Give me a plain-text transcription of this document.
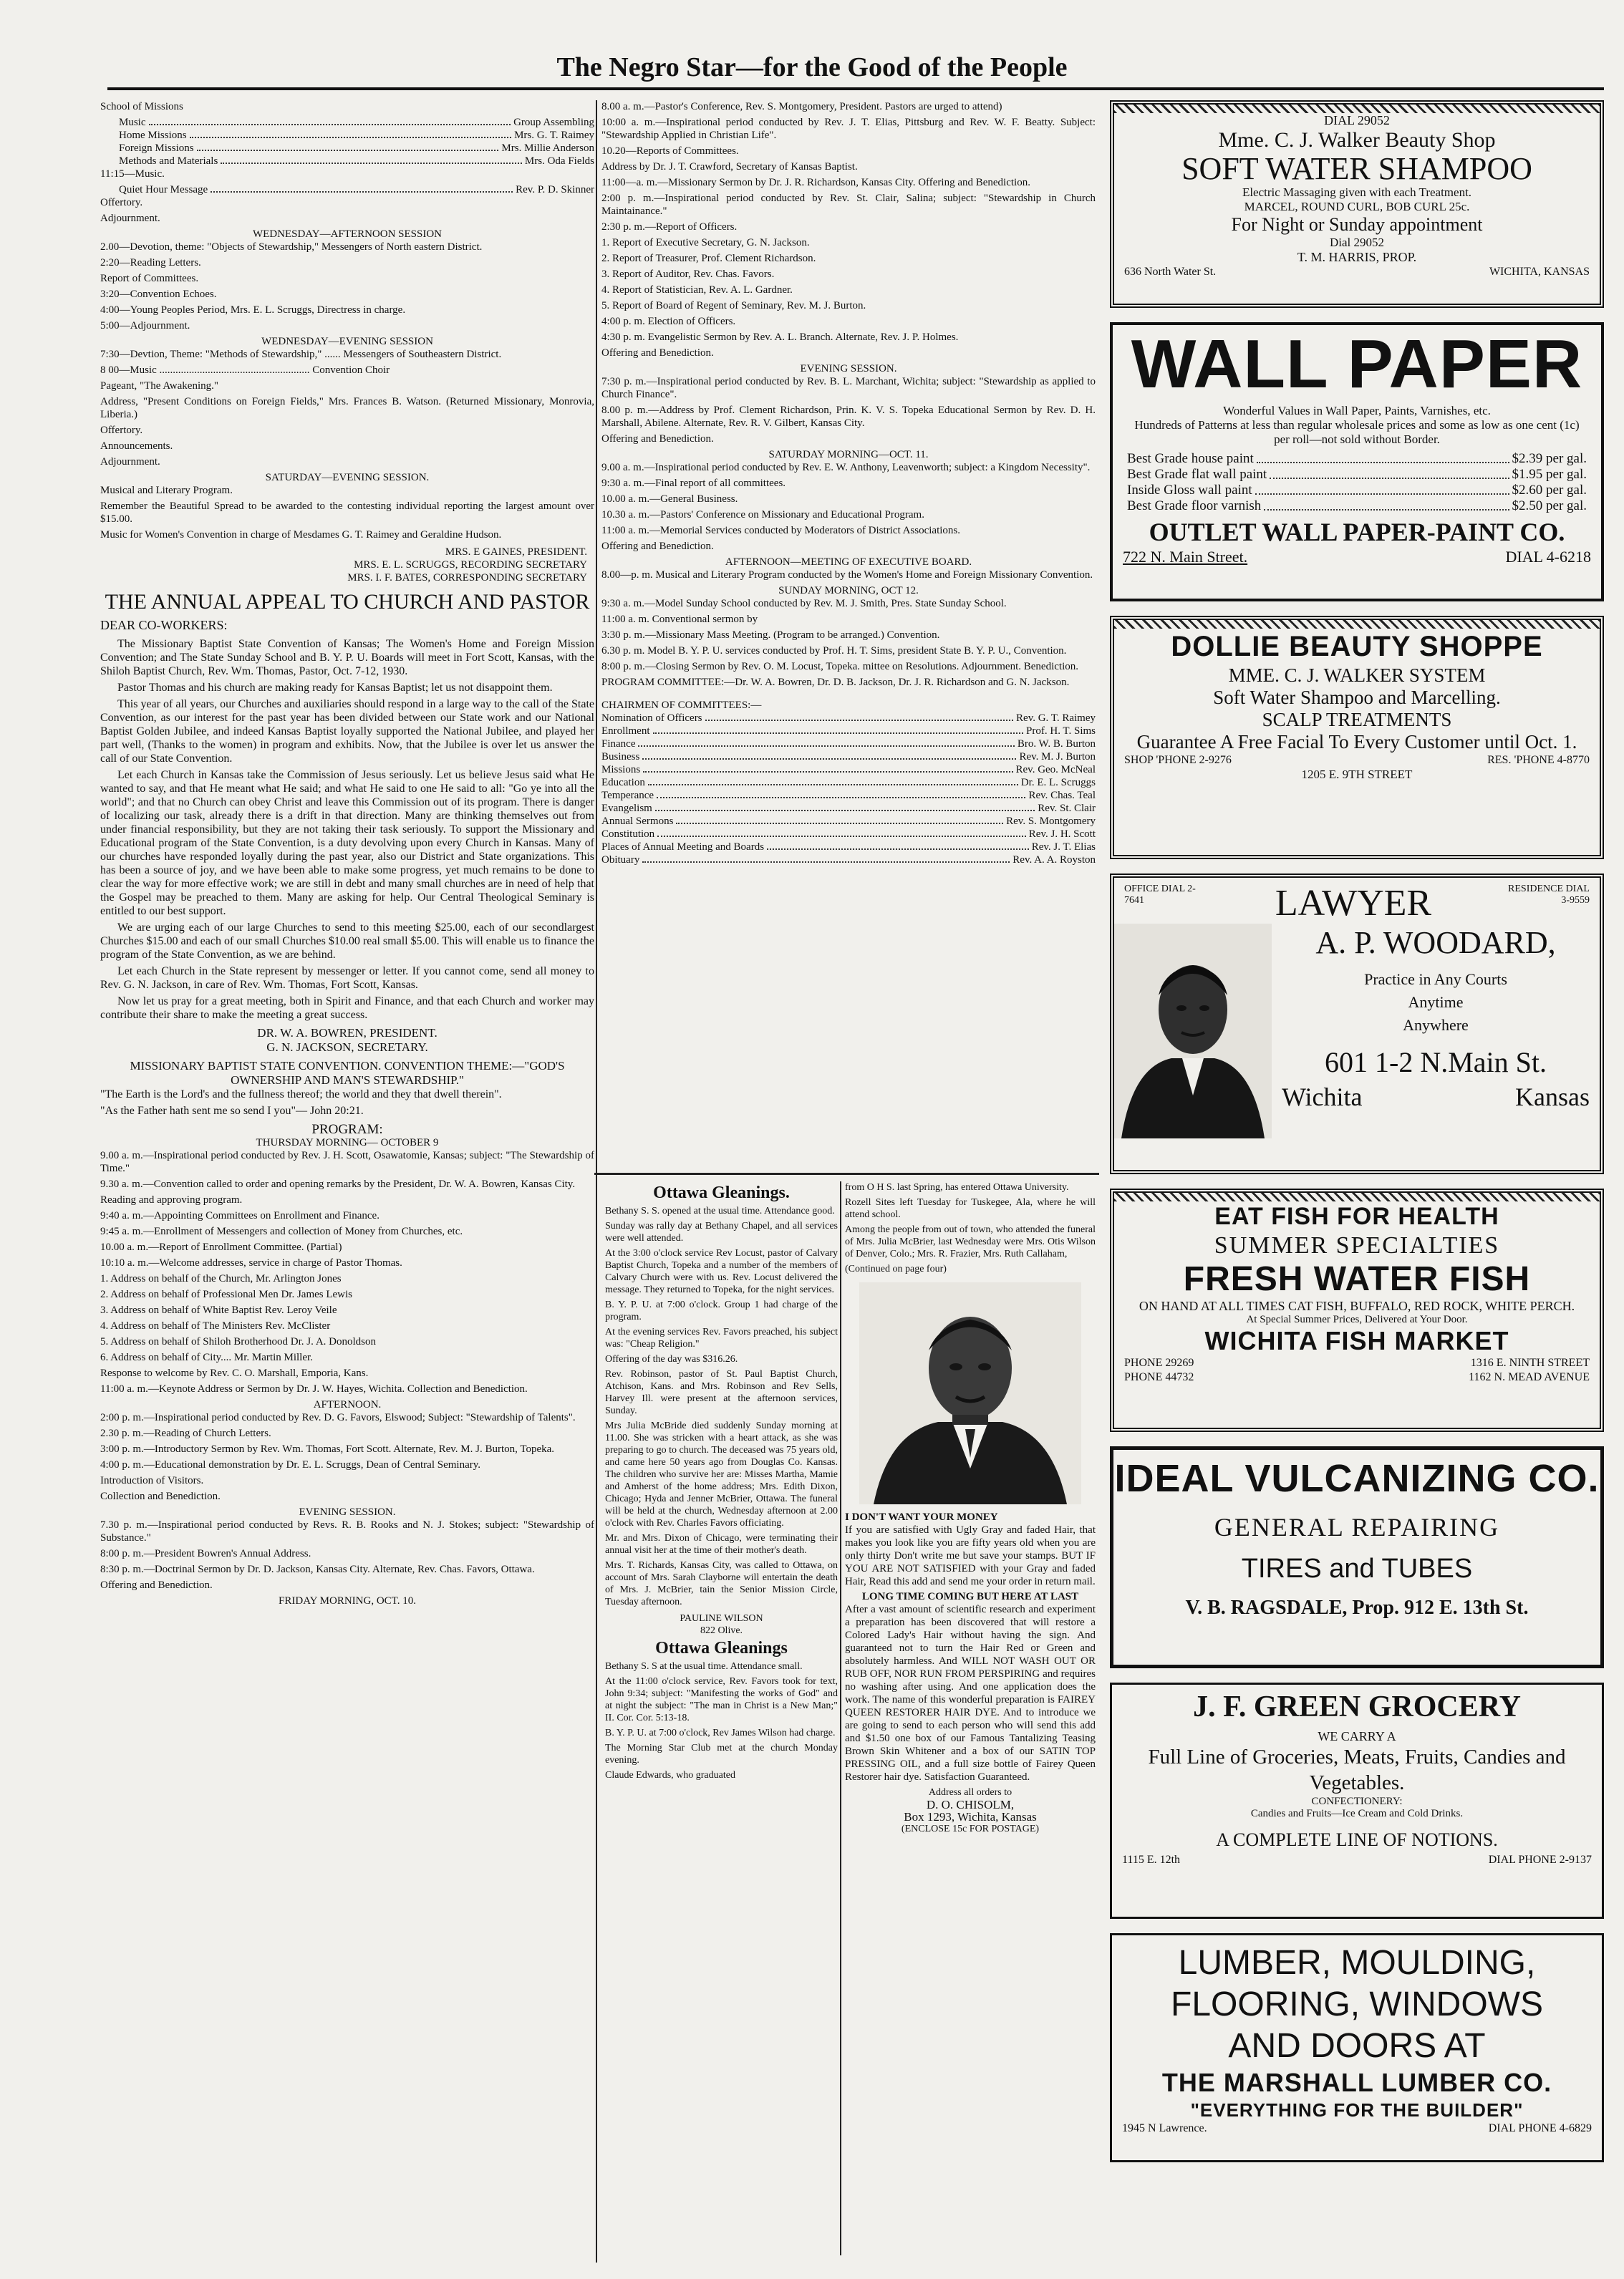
The Negro Star—for the Good of the People
School of Missions
Music	Group Assembling
Home Missions	Mrs. G. T. Raimey
Foreign Missions	Mrs. Millie Anderson
Methods and Materials	Mrs. Oda Fields
11:15—Music.
Quiet Hour Message	Rev. P. D. Skinner
Offertory.
Adjournment.
WEDNESDAY—AFTERNOON SESSION
2.00—Devotion, theme: "Objects of Stewardship," Messengers of North eastern District.
2:20—Reading Letters.
Report of Committees.
3:20—Convention Echoes.
4:00—Young Peoples Period, Mrs. E. L. Scruggs, Directress in charge.
5:00—Adjournment.
WEDNESDAY—EVENING SESSION
7:30—Devtion, Theme: "Methods of Stewardship," ...... Messengers of Southeastern District.
8 00—Music ........................................................ Convention Choir
Pageant, "The Awakening."
Address, "Present Conditions on Foreign Fields," Mrs. Frances B. Watson. (Returned Missionary, Monrovia, Liberia.)
Offertory.
Announcements.
Adjournment.
SATURDAY—EVENING SESSION.
Musical and Literary Program.
Remember the Beautiful Spread to be awarded to the contesting individual reporting the largest amount over $15.00.
Music for Women's Convention in charge of Mesdames G. T. Raimey and Geraldine Hudson.
MRS. E GAINES, PRESIDENT.
MRS. E. L. SCRUGGS, RECORDING SECRETARY
MRS. I. F. BATES, CORRESPONDING SECRETARY
THE ANNUAL APPEAL TO CHURCH AND PASTOR
DEAR CO-WORKERS:
The Missionary Baptist State Convention of Kansas; The Women's Home and Foreign Mission Convention; and The State Sunday School and B. Y. P. U. Boards will meet in Fort Scott, Kansas, with the Shiloh Baptist Church, Rev. Wm. Thomas, Pastor, Oct. 7-12, 1930.
Pastor Thomas and his church are making ready for Kansas Baptist; let us not disappoint them.
This year of all years, our Churches and auxiliaries should respond in a large way to the call of the State Convention, as our interest for the past year has been divided between our State work and our National Baptist Golden Jubilee, and indeed Kansas Baptist loyally supported the National Jubilee, and played her part well, (Thanks to the women) in program and exhibits. Now, that the Jubilee is over let us answer the call of our State Convention.
Let each Church in Kansas take the Commission of Jesus seriously. Let us believe Jesus said what He wanted to say, and that He meant what He said; and what He said to one He said to all: "Go ye into all the world"; and that no Church can obey Christ and leave this Commission out of its program. There is danger of localizing our task, already there is a drift in that direction. Many are thinking themselves out from under financial responsibility, but they are not taking their task seriously. To support the Missionary and Educational program of the State Convention, is a duty devolving upon every Church in Kansas. Many of our churches have responded loyally during the past year, also our District and State organizations. This has been a source of joy, and we have been able to make some progress, yet much remains to be done to clear the way for more effective work; we are still in debt and many small churches are in need of help that the Gospel may be preached to them. Many are asking for help. Our Central Theological Seminary is entitled to our best support.
We are urging each of our large Churches to send to this meeting $25.00, each of our secondlargest Churches $15.00 and each of our small Churches $10.00 real small $5.00. This will enable us to finance the program of the State Convention, as we are behind.
Let each Church in the State represent by messenger or letter. If you cannot come, send all money to Rev. G. N. Jackson, in care of Rev. Wm. Thomas, Fort Scott, Kansas.
Now let us pray for a great meeting, both in Spirit and Finance, and that each Church and worker may contribute their share to make the meeting a great success.
DR. W. A. BOWREN, PRESIDENT.
G. N. JACKSON, SECRETARY.
MISSIONARY BAPTIST STATE CONVENTION. CONVENTION THEME:—"GOD'S OWNERSHIP AND MAN'S STEWARDSHIP."
"The Earth is the Lord's and the fullness thereof; the world and they that dwell therein".
"As the Father hath sent me so send I you"— John 20:21.
PROGRAM:
THURSDAY MORNING— OCTOBER 9
9.00 a. m.—Inspirational period conducted by Rev. J. H. Scott, Osawatomie, Kansas; subject: "The Stewardship of Time."
9.30 a. m.—Convention called to order and opening remarks by the President, Dr. W. A. Bowren, Kansas City.
Reading and approving program.
9:40 a. m.—Appointing Committees on Enrollment and Finance.
9:45 a. m.—Enrollment of Messengers and collection of Money from Churches, etc.
10.00 a. m.—Report of Enrollment Committee. (Partial)
10:10 a. m.—Welcome addresses, service in charge of Pastor Thomas.
1. Address on behalf of the Church, Mr. Arlington Jones
2. Address on behalf of Professional Men Dr. James Lewis
3. Address on behalf of White Baptist Rev. Leroy Veile
4. Address on behalf of The Ministers Rev. McClister
5. Address on behalf of Shiloh Brotherhood Dr. J. A. Donoldson
6. Address on behalf of City.... Mr. Martin Miller.
Response to welcome by Rev. C. O. Marshall, Emporia, Kans.
11:00 a. m.—Keynote Address or Sermon by Dr. J. W. Hayes, Wichita. Collection and Benediction.
AFTERNOON.
2:00 p. m.—Inspirational period conducted by Rev. D. G. Favors, Elswood; Subject: "Stewardship of Talents".
2.30 p. m.—Reading of Church Letters.
3:00 p. m.—Introductory Sermon by Rev. Wm. Thomas, Fort Scott. Alternate, Rev. M. J. Burton, Topeka.
4:00 p. m.—Educational demonstration by Dr. E. L. Scruggs, Dean of Central Seminary.
Introduction of Visitors.
Collection and Benediction.
EVENING SESSION.
7.30 p. m.—Inspirational period conducted by Revs. R. B. Rooks and N. J. Stokes; subject: "Stewardship of Substance."
8:00 p. m.—President Bowren's Annual Address.
8:30 p. m.—Doctrinal Sermon by Dr. D. Jackson, Kansas City. Alternate, Rev. Chas. Favors, Ottawa.
Offering and Benediction.
FRIDAY MORNING, OCT. 10.
8.00 a. m.—Pastor's Conference, Rev. S. Montgomery, President. Pastors are urged to attend)
10:00 a. m.—Inspirational period conducted by Rev. J. T. Elias, Pittsburg and Rev. W. F. Beatty. Subject: "Stewardship Applied in Christian Life".
10.20—Reports of Committees.
Address by Dr. J. T. Crawford, Secretary of Kansas Baptist.
11:00—a. m.—Missionary Sermon by Dr. J. R. Richardson, Kansas City. Offering and Benediction.
2:00 p. m.—Inspirational period conducted by Rev. St. Clair, Salina; subject: "Stewardship in Church Maintainance."
2:30 p. m.—Report of Officers.
1. Report of Executive Secretary, G. N. Jackson.
2. Report of Treasurer, Prof. Clement Richardson.
3. Report of Auditor, Rev. Chas. Favors.
4. Report of Statistician, Rev. A. L. Gardner.
5. Report of Board of Regent of Seminary, Rev. M. J. Burton.
4:00 p. m. Election of Officers.
4:30 p. m. Evangelistic Sermon by Rev. A. L. Branch. Alternate, Rev. J. P. Holmes.
Offering and Benediction.
EVENING SESSION.
7:30 p. m.—Inspirational period conducted by Rev. B. L. Marchant, Wichita; subject: "Stewardship as applied to Church Finance".
8.00 p. m.—Address by Prof. Clement Richardson, Prin. K. V. S. Topeka Educational Sermon by Rev. D. H. Marshall, Abilene. Alternate, Rev. R. V. Gilbert, Kansas City.
Offering and Benediction.
SATURDAY MORNING—OCT. 11.
9.00 a. m.—Inspirational period conducted by Rev. E. W. Anthony, Leavenworth; subject: a Kingdom Necessity".
9:30 a. m.—Final report of all committees.
10.00 a. m.—General Business.
10.30 a. m.—Pastors' Conference on Missionary and Educational Program.
11:00 a. m.—Memorial Services conducted by Moderators of District Associations.
Offering and Benediction.
AFTERNOON—MEETING OF EXECUTIVE BOARD.
8.00—p. m. Musical and Literary Program conducted by the Women's Home and Foreign Missionary Convention.
SUNDAY MORNING, OCT 12.
9:30 a. m.—Model Sunday School conducted by Rev. M. J. Smith, Pres. State Sunday School.
11:00 a. m. Conventional sermon by
3:30 p. m.—Missionary Mass Meeting. (Program to be arranged.) Convention.
6.30 p. m. Model B. Y. P. U. services conducted by Prof. H. T. Sims, president State B. Y. P. U., Convention.
8:00 p. m.—Closing Sermon by Rev. O. M. Locust, Topeka. mittee on Resolutions. Adjournment. Benediction.
PROGRAM COMMITTEE:—Dr. W. A. Bowren, Dr. D. B. Jackson, Dr. J. R. Richardson and G. N. Jackson.
CHAIRMEN OF COMMITTEES:—
Nomination of Officers	Rev. G. T. Raimey
Enrollment	Prof. H. T. Sims
Finance	Bro. W. B. Burton
Business	Rev. M. J. Burton
Missions	Rev. Geo. McNeal
Education	Dr. E. L. Scruggs
Temperance	Rev. Chas. Teal
Evangelism	Rev. St. Clair
Annual Sermons	Rev. S. Montgomery
Constitution	Rev. J. H. Scott
Places of Annual Meeting and Boards	Rev. J. T. Elias
Obituary	Rev. A. A. Royston
Ottawa Gleanings.
Bethany S. S. opened at the usual time. Attendance good.
Sunday was rally day at Bethany Chapel, and all services were well attended.
At the 3:00 o'clock service Rev Locust, pastor of Calvary Baptist Church, Topeka and a number of the members of Calvary Church were with us. Rev. Locust delivered the message. They returned to Topeka, for the night services.
B. Y. P. U. at 7:00 o'clock. Group 1 had charge of the program.
At the evening services Rev. Favors preached, his subject was: "Cheap Religion."
Offering of the day was $316.26.
Rev. Robinson, pastor of St. Paul Baptist Church, Atchison, Kans. and Mrs. Robinson and Rev Sells, Harvey Ill. were present at the afternoon services, Sunday.
Mrs Julia McBride died suddenly Sunday morning at 11.00. She was stricken with a heart attack, as she was preparing to go to church. The deceased was 75 years old, and came here 50 years ago from Douglas Co. Kansas. The children who survive her are: Misses Martha, Mamie and Amherst of the home address; Mrs. Edith Dixon, Chicago; Hyda and Jenner McBrier, Ottawa. The funeral will be held at the church, Wednesday afternoon at 2.00 o'clock with Rev. Charles Favors officiating.
Mr. and Mrs. Dixon of Chicago, were terminating their annual visit her at the time of their mother's death.
Mrs. T. Richards, Kansas City, was called to Ottawa, on account of Mrs. Sarah Clayborne will entertain the death of Mrs. J. McBrier, tain the Senior Mission Circle, Tuesday afternoon.
PAULINE WILSON
822 Olive.
Ottawa Gleanings
Bethany S. S at the usual time. Attendance small.
At the 11:00 o'clock service, Rev. Favors took for text, John 9:34; subject: "Manifesting the works of God" and at night the subject: "The man in Christ is a New Man;" II. Cor. Cor. 5:13-18.
B. Y. P. U. at 7:00 o'clock, Rev James Wilson had charge.
The Morning Star Club met at the church Monday evening.
Claude Edwards, who graduated
from O H S. last Spring, has entered Ottawa University.
Rozell Sites left Tuesday for Tuskegee, Ala, where he will attend school.
Among the people from out of town, who attended the funeral of Mrs. Julia McBrier, last Wednesday were Mrs. Otis Wilson of Denver, Colo.; Mrs. R. Frazier, Mrs. Ruth Callaham,
(Continued on page four)
I DON'T WANT YOUR MONEY
If you are satisfied with Ugly Gray and faded Hair, that makes you look like you are fifty years old when you are only thirty Don't write me but save your stamps. BUT IF YOU ARE NOT SATISFIED with your Gray and faded Hair, Read this add and send me your order in return mail.
LONG TIME COMING BUT HERE AT LAST
After a vast amount of scientific research and experiment a preparation has been discovered that will restore a Colored Lady's Hair without having the sign. And guaranteed not to turn the Hair Red or Green and absolutely harmless. And WILL NOT WASH OUT OR RUB OFF, NOR RUN FROM PERSPIRING and requires no washing after using. And one application does the work. The name of this wonderful preparation is FAIREY QUEEN RESTORER HAIR DYE. And to introduce we are going to send to each person who will send this add and $1.50 one box of our Famous Tantalizing Teasing Brown Skin Whitener and a box of our SATIN TOP PRESSING OIL, and a full size bottle of Fairey Queen Restorer hair dye. Satisfaction Guaranteed.
Address all orders to
D. O. CHISOLM,
Box 1293, Wichita, Kansas
(ENCLOSE 15c FOR POSTAGE)
DIAL 29052
Mme. C. J. Walker Beauty Shop
SOFT WATER SHAMPOO
Electric Massaging given with each Treatment.
MARCEL, ROUND CURL, BOB CURL 25c.
For Night or Sunday appointment
Dial 29052
T. M. HARRIS, PROP.
636 North Water St.	WICHITA, KANSAS
WALL PAPER
Wonderful Values in Wall Paper, Paints, Varnishes, etc.
Hundreds of Patterns at less than regular wholesale prices and some as low as one cent (1c) per roll—not sold without Border.
Best Grade house paint	$2.39 per gal.
Best Grade flat wall paint	$1.95 per gal.
Inside Gloss wall paint	$2.60 per gal.
Best Grade floor varnish	$2.50 per gal.
OUTLET WALL PAPER-PAINT CO.
722 N. Main Street.	DIAL 4-6218
DOLLIE BEAUTY SHOPPE
MME. C. J. WALKER SYSTEM
Soft Water Shampoo and Marcelling.
SCALP TREATMENTS
Guarantee A Free Facial To Every Customer until Oct. 1.
SHOP 'PHONE 2-9276	RES. 'PHONE 4-8770
1205 E. 9TH STREET
OFFICE DIAL 2-7641	LAWYER	RESIDENCE DIAL 3-9559
A. P. WOODARD,
Practice in Any Courts
Anytime
Anywhere
601 1-2 N.Main St.
Wichita	Kansas
EAT FISH FOR HEALTH
SUMMER SPECIALTIES
FRESH WATER FISH
ON HAND AT ALL TIMES CAT FISH, BUFFALO, RED ROCK, WHITE PERCH.
At Special Summer Prices, Delivered at Your Door.
WICHITA FISH MARKET
PHONE 29269	1316 E. NINTH STREET
PHONE 44732	1162 N. MEAD AVENUE
IDEAL VULCANIZING CO.
GENERAL REPAIRING
TIRES and TUBES
V. B. RAGSDALE, Prop. 912 E. 13th St.
J. F. GREEN GROCERY
WE CARRY A
Full Line of Groceries, Meats, Fruits, Candies and Vegetables.
CONFECTIONERY:
Candies and Fruits—Ice Cream and Cold Drinks.
A COMPLETE LINE OF NOTIONS.
1115 E. 12th	DIAL PHONE 2-9137
LUMBER, MOULDING,
FLOORING, WINDOWS
AND DOORS AT
THE MARSHALL LUMBER CO.
"EVERYTHING FOR THE BUILDER"
1945 N Lawrence.	DIAL PHONE 4-6829
